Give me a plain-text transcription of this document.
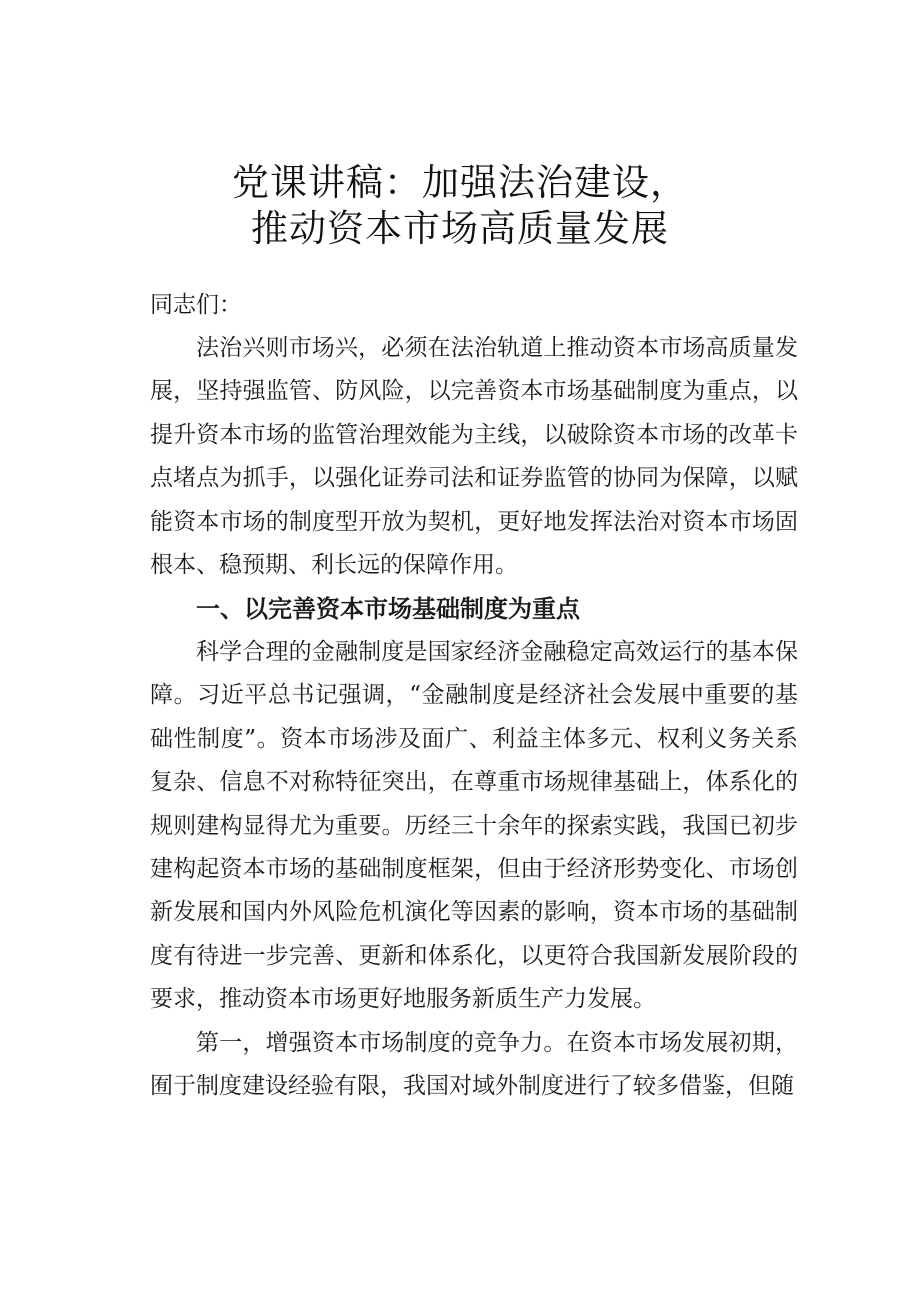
党课讲稿：加强法治建设，
推动资本市场高质量发展

同志们：

法治兴则市场兴，必须在法治轨道上推动资本市场高质量发展，坚持强监管、防风险，以完善资本市场基础制度为重点，以提升资本市场的监管治理效能为主线，以破除资本市场的改革卡点堵点为抓手，以强化证券司法和证券监管的协同为保障，以赋能资本市场的制度型开放为契机，更好地发挥法治对资本市场固根本、稳预期、利长远的保障作用。

一、以完善资本市场基础制度为重点

科学合理的金融制度是国家经济金融稳定高效运行的基本保障。习近平总书记强调，“金融制度是经济社会发展中重要的基础性制度”。资本市场涉及面广、利益主体多元、权利义务关系复杂、信息不对称特征突出，在尊重市场规律基础上，体系化的规则建构显得尤为重要。历经三十余年的探索实践，我国已初步建构起资本市场的基础制度框架，但由于经济形势变化、市场创新发展和国内外风险危机演化等因素的影响，资本市场的基础制度有待进一步完善、更新和体系化，以更符合我国新发展阶段的要求，推动资本市场更好地服务新质生产力发展。

第一，增强资本市场制度的竞争力。在资本市场发展初期，囿于制度建设经验有限，我国对域外制度进行了较多借鉴，但随
